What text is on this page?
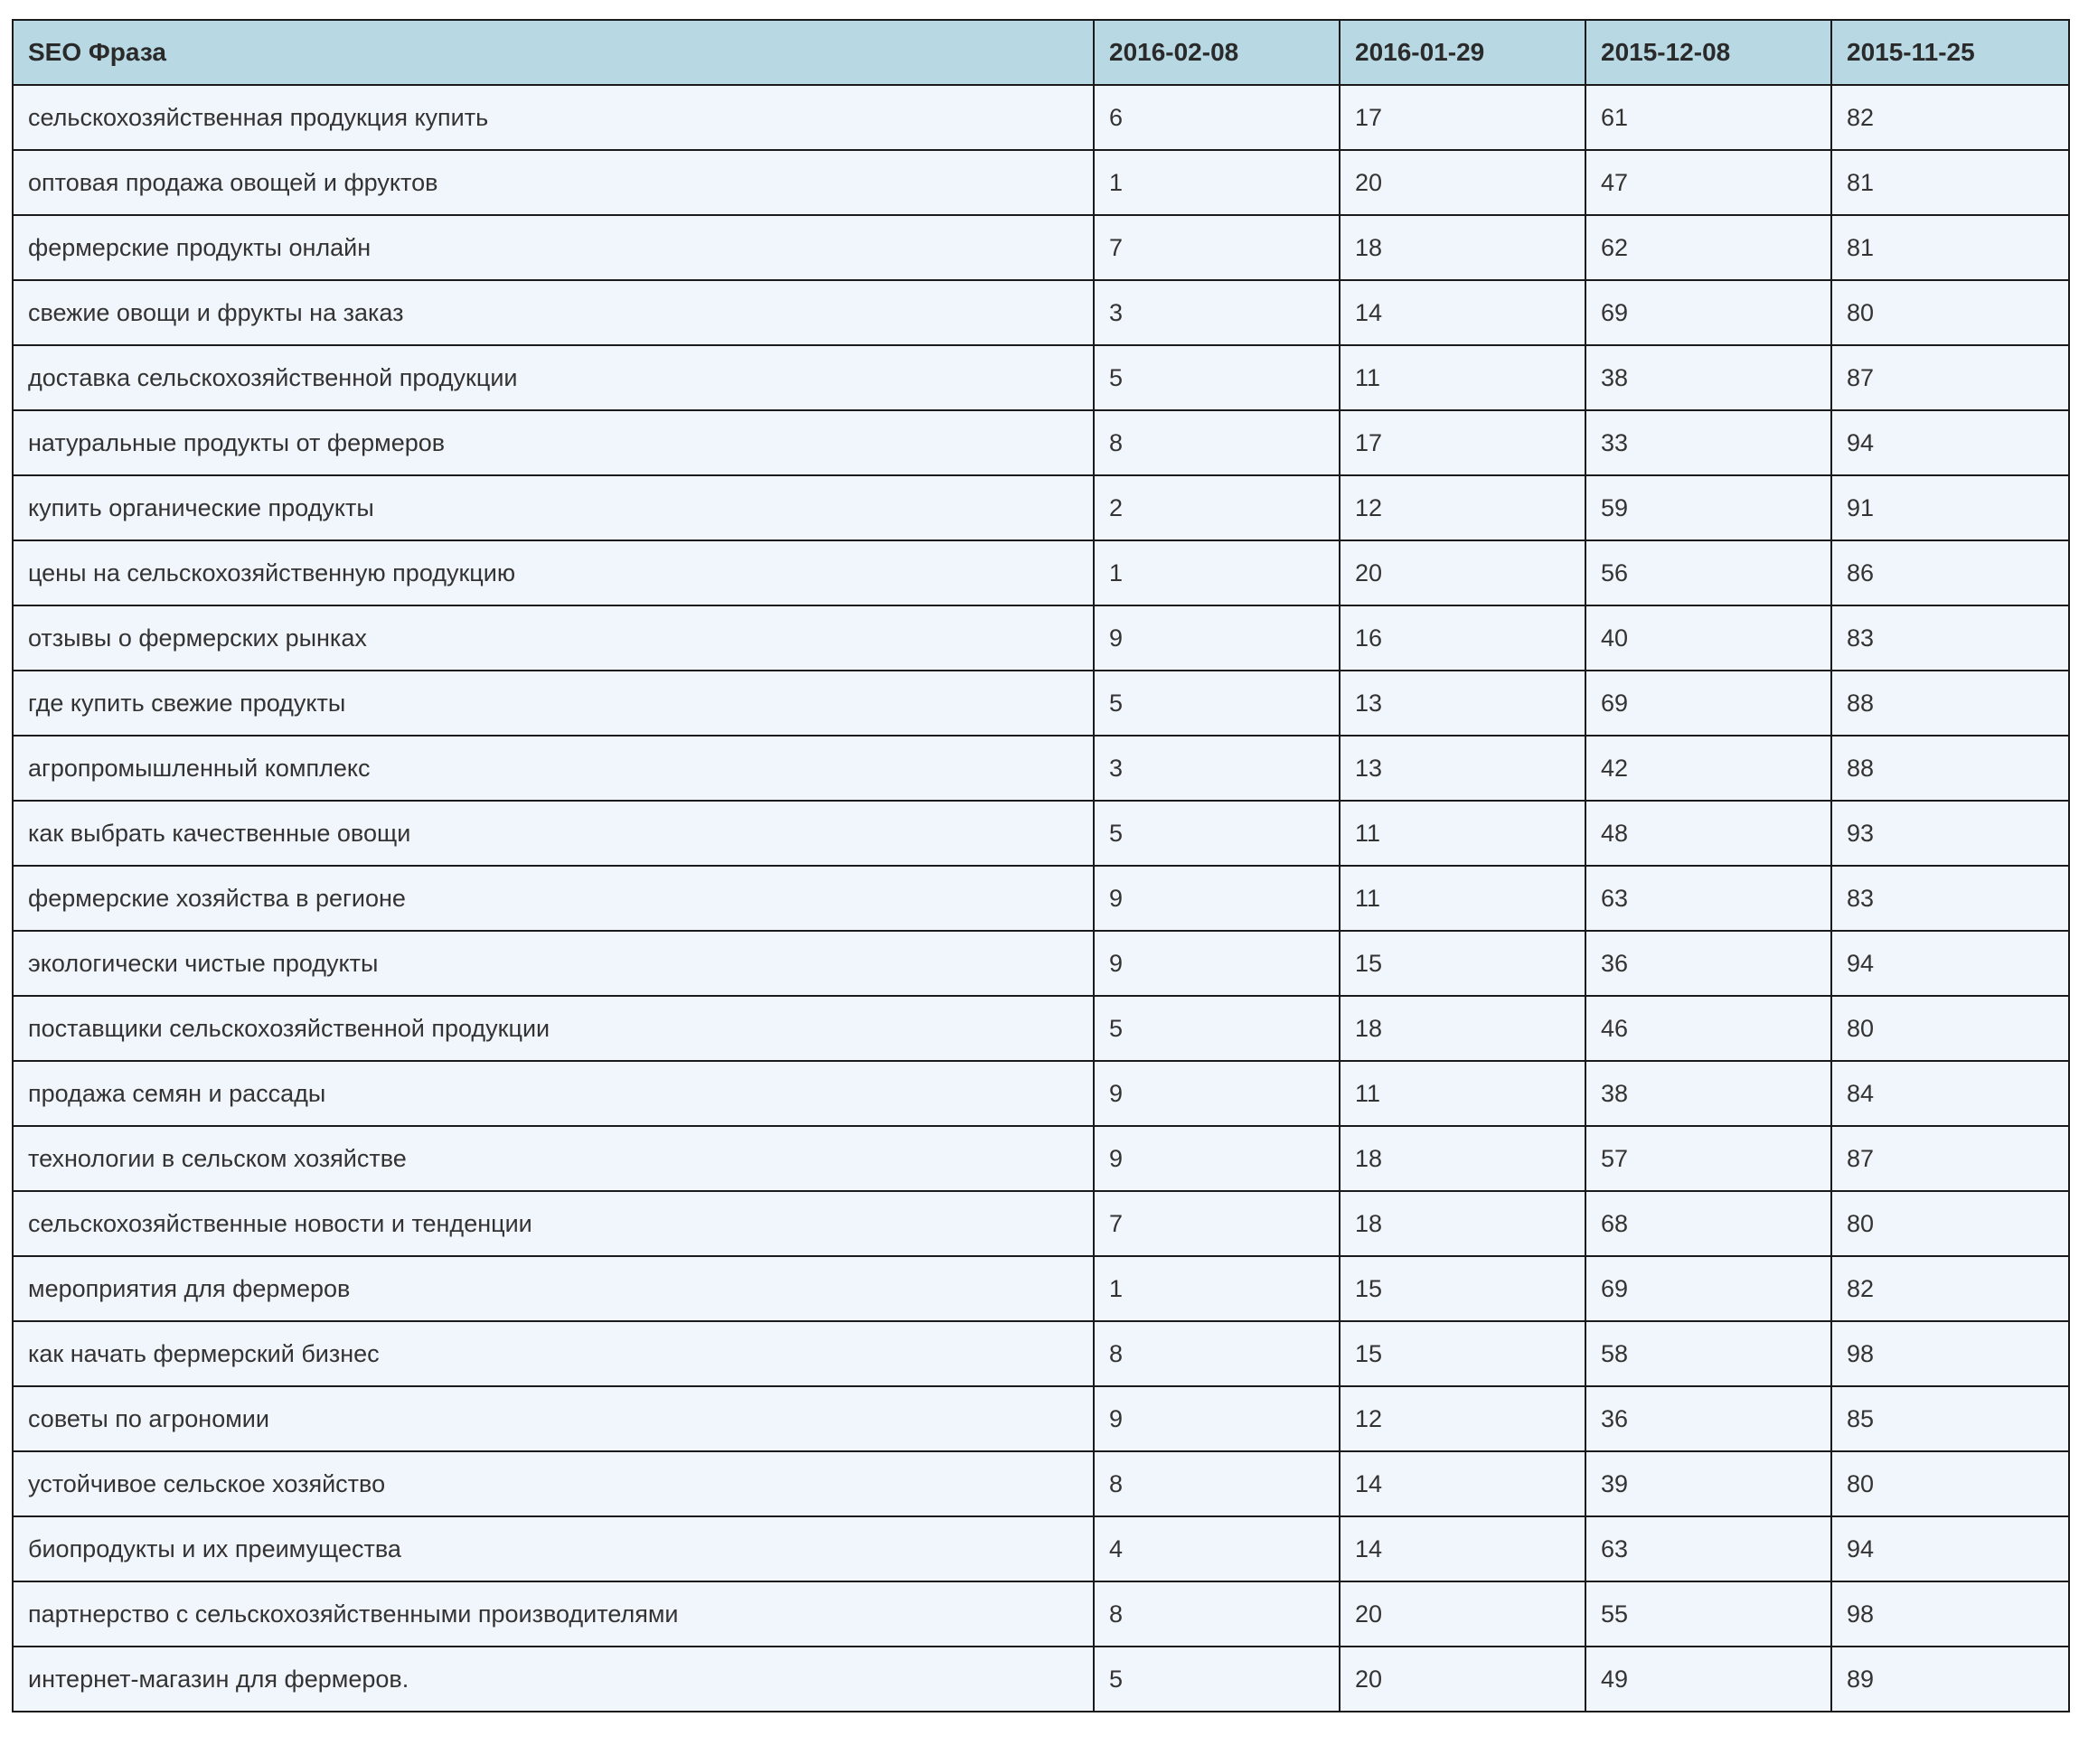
SEO Фраза	2016-02-08	2016-01-29	2015-12-08	2015-11-25
сельскохозяйственная продукция купить	6	17	61	82
оптовая продажа овощей и фруктов	1	20	47	81
фермерские продукты онлайн	7	18	62	81
свежие овощи и фрукты на заказ	3	14	69	80
доставка сельскохозяйственной продукции	5	11	38	87
натуральные продукты от фермеров	8	17	33	94
купить органические продукты	2	12	59	91
цены на сельскохозяйственную продукцию	1	20	56	86
отзывы о фермерских рынках	9	16	40	83
где купить свежие продукты	5	13	69	88
агропромышленный комплекс	3	13	42	88
как выбрать качественные овощи	5	11	48	93
фермерские хозяйства в регионе	9	11	63	83
экологически чистые продукты	9	15	36	94
поставщики сельскохозяйственной продукции	5	18	46	80
продажа семян и рассады	9	11	38	84
технологии в сельском хозяйстве	9	18	57	87
сельскохозяйственные новости и тенденции	7	18	68	80
мероприятия для фермеров	1	15	69	82
как начать фермерский бизнес	8	15	58	98
советы по агрономии	9	12	36	85
устойчивое сельское хозяйство	8	14	39	80
биопродукты и их преимущества	4	14	63	94
партнерство с сельскохозяйственными производителями	8	20	55	98
интернет-магазин для фермеров.	5	20	49	89
